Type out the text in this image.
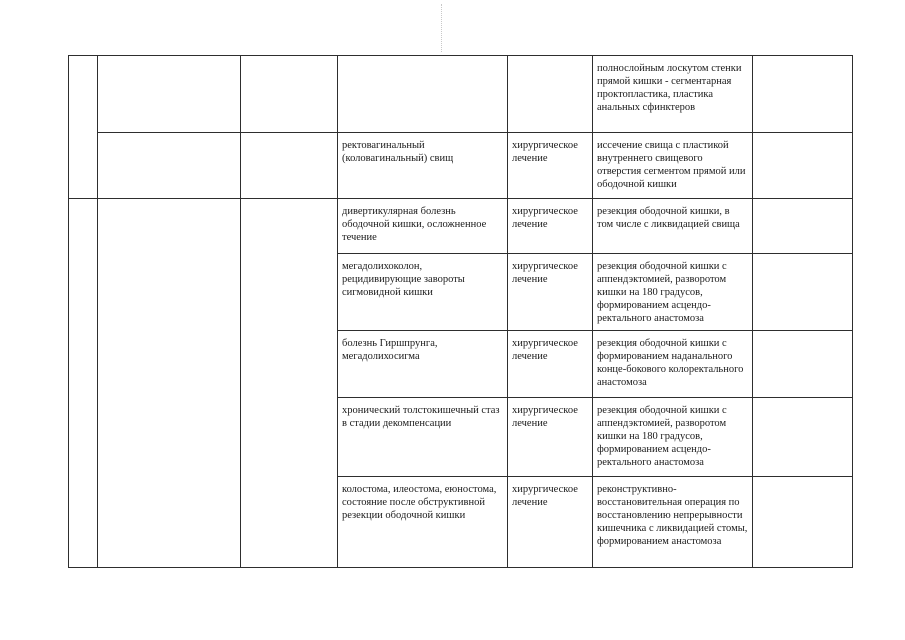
					полнослойным лоскутом стенки прямой кишки - сегментарная проктопластика, пластика анальных сфинктеров	
			ректовагинальный (коловагинальный) свищ	хирургическое лечение	иссечение свища с пластикой внутреннего свищевого отверстия сегментом прямой или ободочной кишки	
			дивертикулярная болезнь ободочной кишки, осложненное течение	хирургическое лечение	резекция ободочной кишки, в том числе с ликвидацией свища	
			мегадолихоколон, рецидивирующие завороты сигмовидной кишки	хирургическое лечение	резекция ободочной кишки с аппендэктомией, разворотом кишки на 180 градусов, формированием асцендо-ректального анастомоза	
			болезнь Гиршпрунга, мегадолихосигма	хирургическое лечение	резекция ободочной кишки с формированием наданального конце-бокового колоректального анастомоза	
			хронический толстокишечный стаз в стадии декомпенсации	хирургическое лечение	резекция ободочной кишки с аппендэктомией, разворотом кишки на 180 градусов, формированием асцендо-ректального анастомоза	
			колостома, илеостома, еюностома, состояние после обструктивной резекции ободочной кишки	хирургическое лечение	реконструктивно-восстановительная операция по восстановлению непрерывности кишечника с ликвидацией стомы, формированием анастомоза	
